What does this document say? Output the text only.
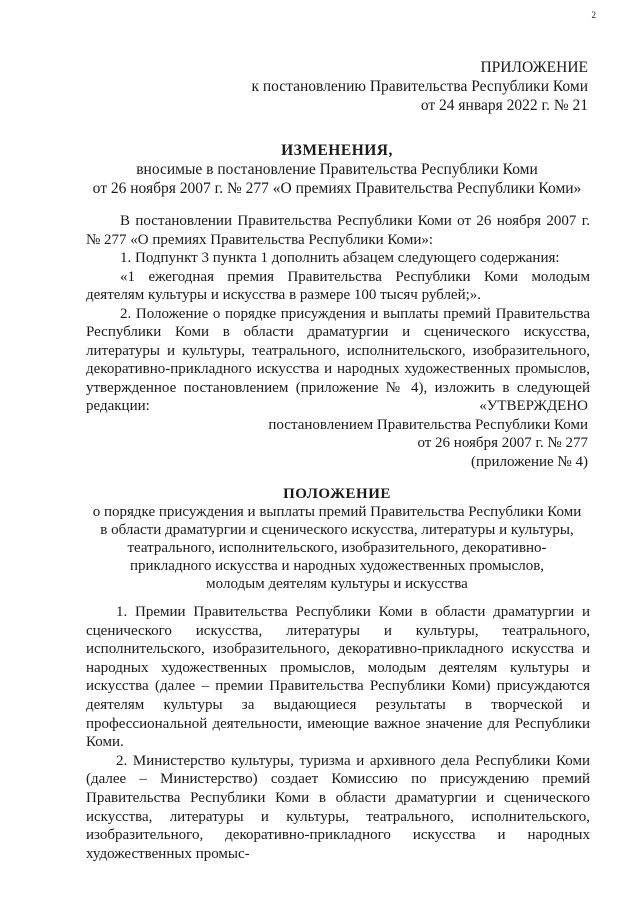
2
ПРИЛОЖЕНИЕ
к постановлению Правительства Республики Коми
от 24 января 2022 г. № 21
ИЗМЕНЕНИЯ,
вносимые в постановление Правительства Республики Коми
от 26 ноября 2007 г. № 277 «О премиях Правительства Республики Коми»

В постановлении Правительства Республики Коми от 26 ноября 2007 г. № 277 «О премиях Правительства Республики Коми»:

1. Подпункт 3 пункта 1 дополнить абзацем следующего содержания:

«1 ежегодная премия Правительства Республики Коми молодым деятелям культуры и искусства в размере 100 тысяч рублей;».

2. Положение о порядке присуждения и выплаты премий Правительства Республики Коми в области драматургии и сценического искусства, литературы и культуры, театрального, исполнительского, изобразительного, декоративно-прикладного искусства и народных художественных промыслов, утвержденное постановлением (приложение № 4), изложить в следующей редакции:	«УТВЕРЖДЕНО
постановлением Правительства Республики Коми
от 26 ноября 2007 г. № 277
(приложение № 4)
ПОЛОЖЕНИЕ
о порядке присуждения и выплаты премий Правительства Республики Коми
в области драматургии и сценического искусства, литературы и культуры,
театрального, исполнительского, изобразительного, декоративно-
прикладного искусства и народных художественных промыслов,
молодым деятелям культуры и искусства

1. Премии Правительства Республики Коми в области драматургии и сценического искусства, литературы и культуры, театрального, исполнительского, изобразительного, декоративно-прикладного искусства и народных художественных промыслов, молодым деятелям культуры и искусства (далее – премии Правительства Республики Коми) присуждаются деятелям культуры за выдающиеся результаты в творческой и профессиональной деятельности, имеющие важное значение для Республики Коми.

2. Министерство культуры, туризма и архивного дела Республики Коми (далее – Министерство) создает Комиссию по присуждению премий Правительства Республики Коми в области драматургии и сценического искусства, литературы и культуры, театрального, исполнительского, изобразительного, декоративно-прикладного искусства и народных художественных промыс-
